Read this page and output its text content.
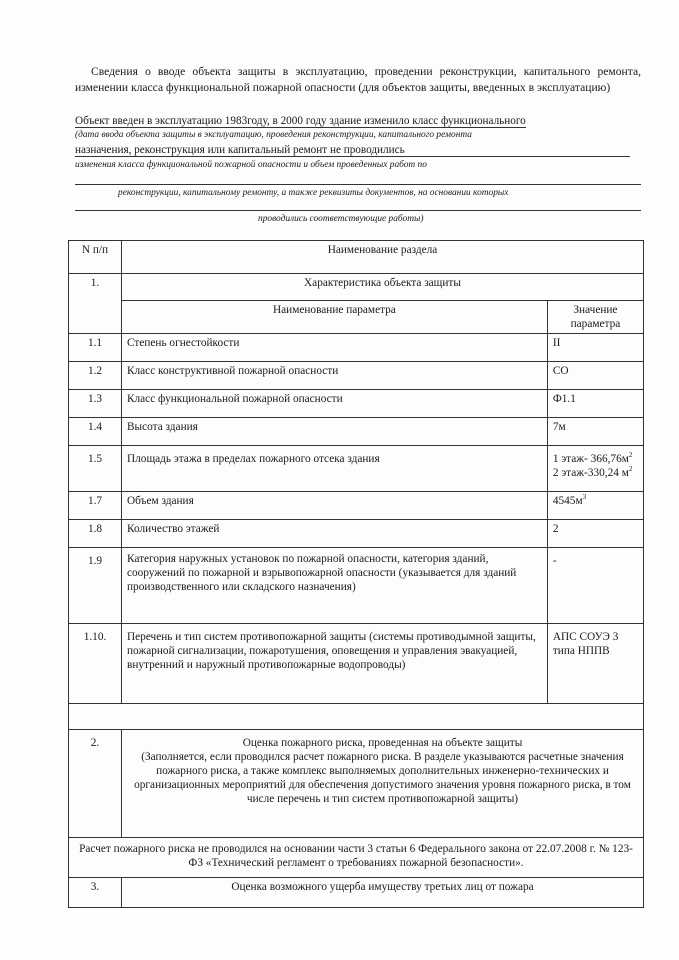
Сведения о вводе объекта защиты в эксплуатацию, проведении реконструкции, капитального ремонта, изменении класса функциональной пожарной опасности (для объектов защиты, введенных в эксплуатацию)

Объект введен в эксплуатацию 1983году, в 2000 году здание изменило класс функционального
(дата ввода объекта защиты в эксплуатацию, проведения реконструкции, капитального ремонта
назначения, реконструкция или капитальный ремонт не проводились
изменения класса функциональной пожарной опасности и объем проведенных работ по
реконструкции, капитальному ремонту, а также реквизиты документов, на основании которых
проводились соответствующие работы)
N п/п	Наименование раздела	
1.	Характеристика объекта защиты	
	Наименование параметра	Значение параметра
1.1	Степень огнестойкости	II
1.2	Класс конструктивной пожарной опасности	СО
1.3	Класс функциональной пожарной опасности	Ф1.1
1.4	Высота здания	7м
1.5	Площадь этажа в пределах пожарного отсека здания	1 этаж- $366,76м^2$
2 этаж-330,24 $м^2$
1.7	Объем здания	$4545м^3$
1.8	Количество этажей	2
1.9	Категория наружных установок по пожарной опасности, категория зданий, сооружений по пожарной и взрывопожарной опасности (указывается для зданий производственного или складского назначения)	-
1.10.	Перечень и тип систем противопожарной защиты (системы противодымной защиты, пожарной сигнализации, пожаротушения, оповещения и управления эвакуацией, внутренний и наружный противопожарные водопроводы)	АПС СОУЭ 3 типа НППВ

2.	Оценка пожарного риска, проведенная на объекте защиты
(Заполняется, если проводился расчет пожарного риска. В разделе указываются расчетные значения пожарного риска, а также комплекс выполняемых дополнительных инженерно-технических и организационных мероприятий для обеспечения допустимого значения уровня пожарного риска, в том числе перечень и тип систем противопожарной защиты)	

Расчет пожарного риска не проводился на основании части 3 статьи 6 Федерального закона от 22.07.2008 г. № 123-ФЗ «Технический регламент о требованиях пожарной безопасности».		
3.	Оценка возможного ущерба имуществу третьих лиц от пожара	
